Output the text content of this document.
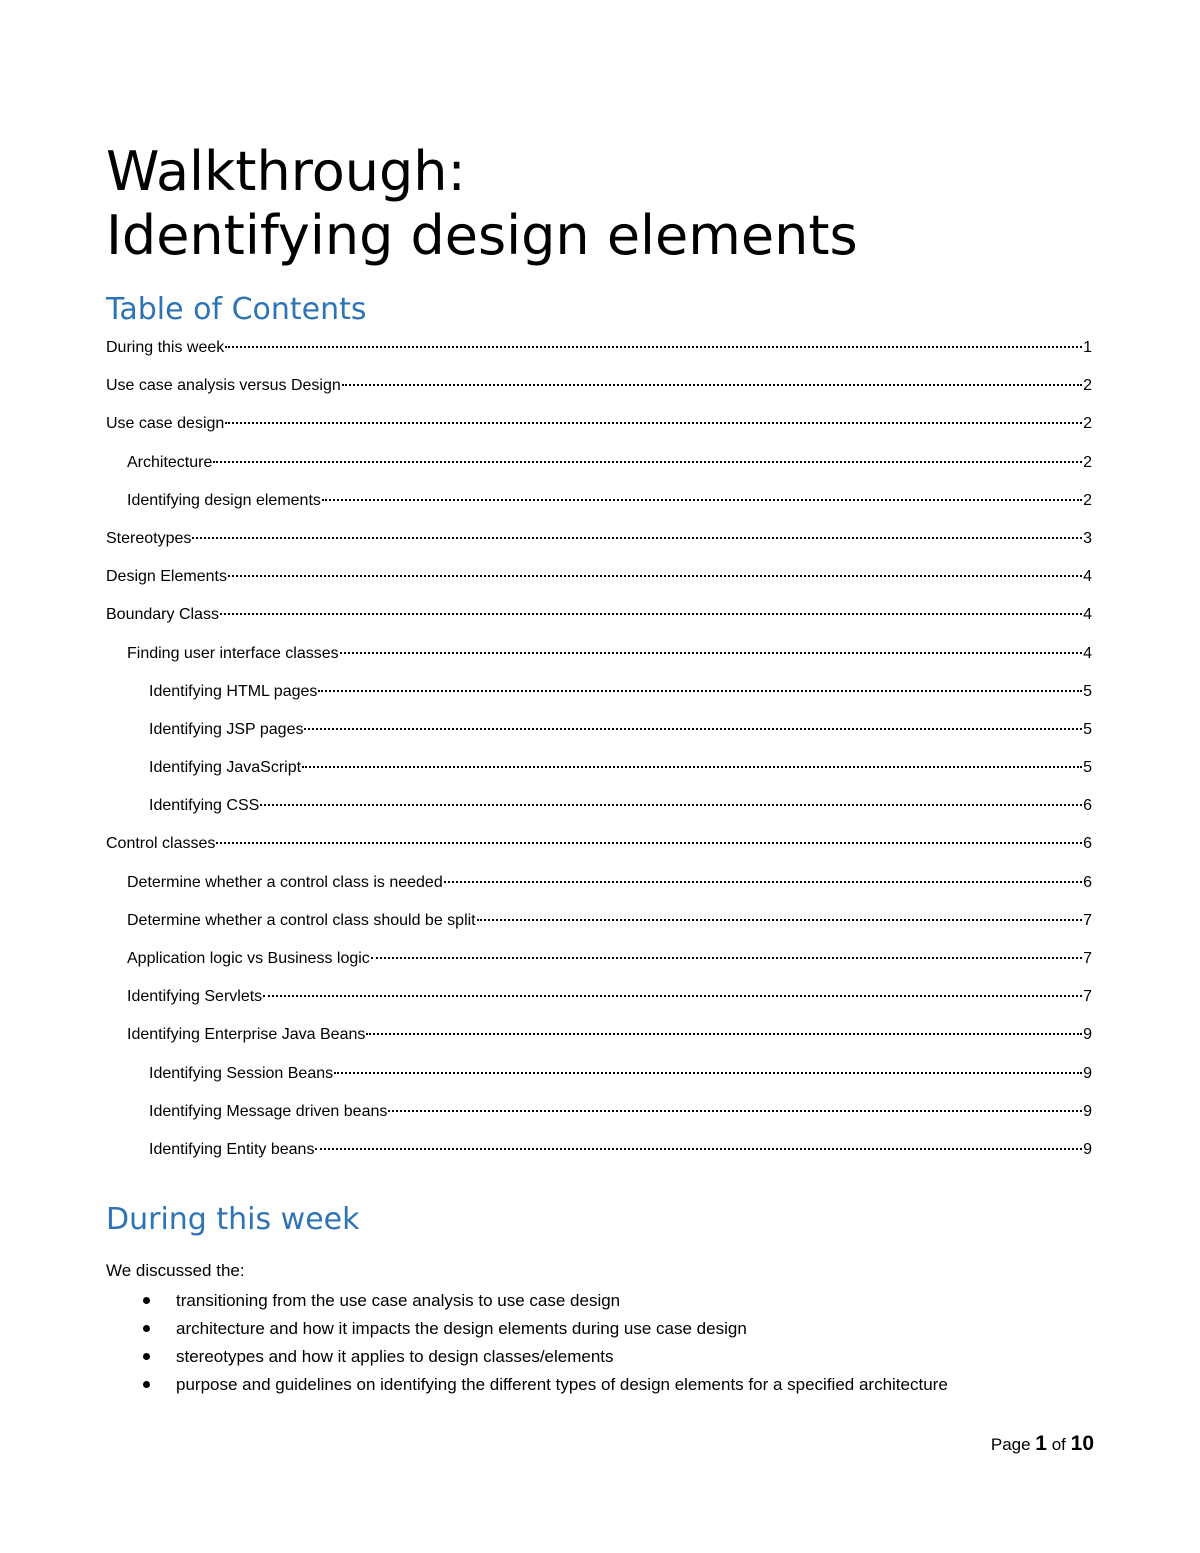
Walkthrough:
Identifying design elements
Table of Contents
During this week	1
Use case analysis versus Design	2
Use case design	2
Architecture	2
Identifying design elements	2
Stereotypes	3
Design Elements	4
Boundary Class	4
Finding user interface classes	4
Identifying HTML pages	5
Identifying JSP pages	5
Identifying JavaScript	5
Identifying CSS	6
Control classes	6
Determine whether a control class is needed	6
Determine whether a control class should be split	7
Application logic vs Business logic	7
Identifying Servlets	7
Identifying Enterprise Java Beans	9
Identifying Session Beans	9
Identifying Message driven beans	9
Identifying Entity beans	9
During this week

We discussed the:

transitioning from the use case analysis to use case design
architecture and how it impacts the design elements during use case design
stereotypes and how it applies to design classes/elements
purpose and guidelines on identifying the different types of design elements for a specified architecture
Page 1 of 10
